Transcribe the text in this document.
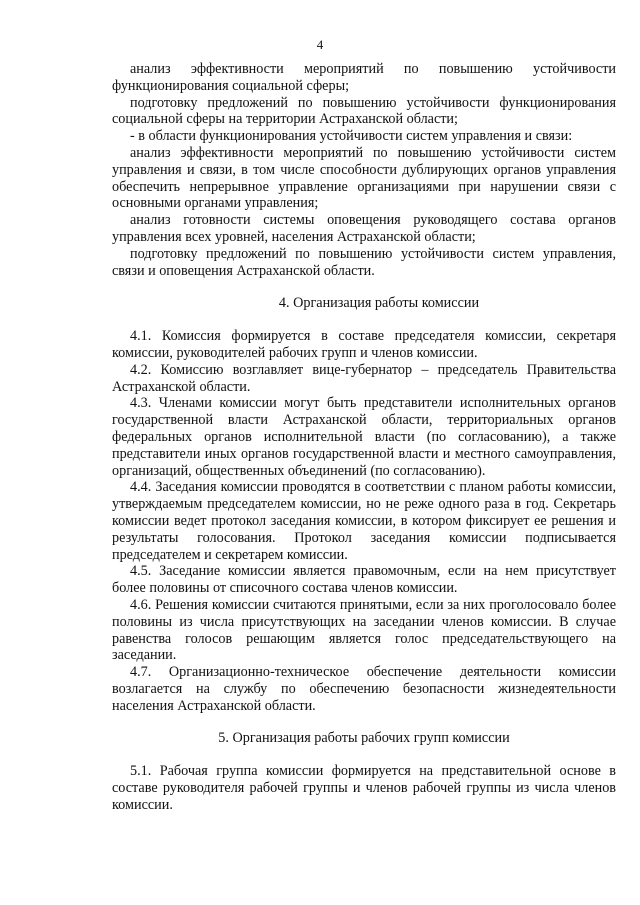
4

анализ эффективности мероприятий по повышению устойчивости функционирования социальной сферы;

подготовку предложений по повышению устойчивости функционирования социальной сферы на территории Астраханской области;

- в области функционирования устойчивости систем управления и связи:

анализ эффективности мероприятий по повышению устойчивости систем управления и связи, в том числе способности дублирующих органов управления обеспечить непрерывное управление организациями при нарушении связи с основными органами управления;

анализ готовности системы оповещения руководящего состава органов управления всех уровней, населения Астраханской области;

подготовку предложений по повышению устойчивости систем управления, связи и оповещения Астраханской области.

4. Организация работы комиссии

4.1. Комиссия формируется в составе председателя комиссии, секретаря комиссии, руководителей рабочих групп и членов комиссии.

4.2. Комиссию возглавляет вице-губернатор – председатель Правительства Астраханской области.

4.3. Членами комиссии могут быть представители исполнительных органов государственной власти Астраханской области, территориальных органов федеральных органов исполнительной власти (по согласованию), а также представители иных органов государственной власти и местного самоуправления, организаций, общественных объединений (по согласованию).

4.4. Заседания комиссии проводятся в соответствии с планом работы комиссии, утверждаемым председателем комиссии, но не реже одного раза в год. Секретарь комиссии ведет протокол заседания комиссии, в котором фиксирует ее решения и результаты голосования. Протокол заседания комиссии подписывается председателем и секретарем комиссии.

4.5. Заседание комиссии является правомочным, если на нем присутствует более половины от списочного состава членов комиссии.

4.6. Решения комиссии считаются принятыми, если за них проголосовало более половины из числа присутствующих на заседании членов комиссии. В случае равенства голосов решающим является голос председательствующего на заседании.

4.7. Организационно-техническое обеспечение деятельности комиссии возлагается на службу по обеспечению безопасности жизнедеятельности населения Астраханской области.

5. Организация работы рабочих групп комиссии

5.1. Рабочая группа комиссии формируется на представительной основе в составе руководителя рабочей группы и членов рабочей группы из числа членов комиссии.
